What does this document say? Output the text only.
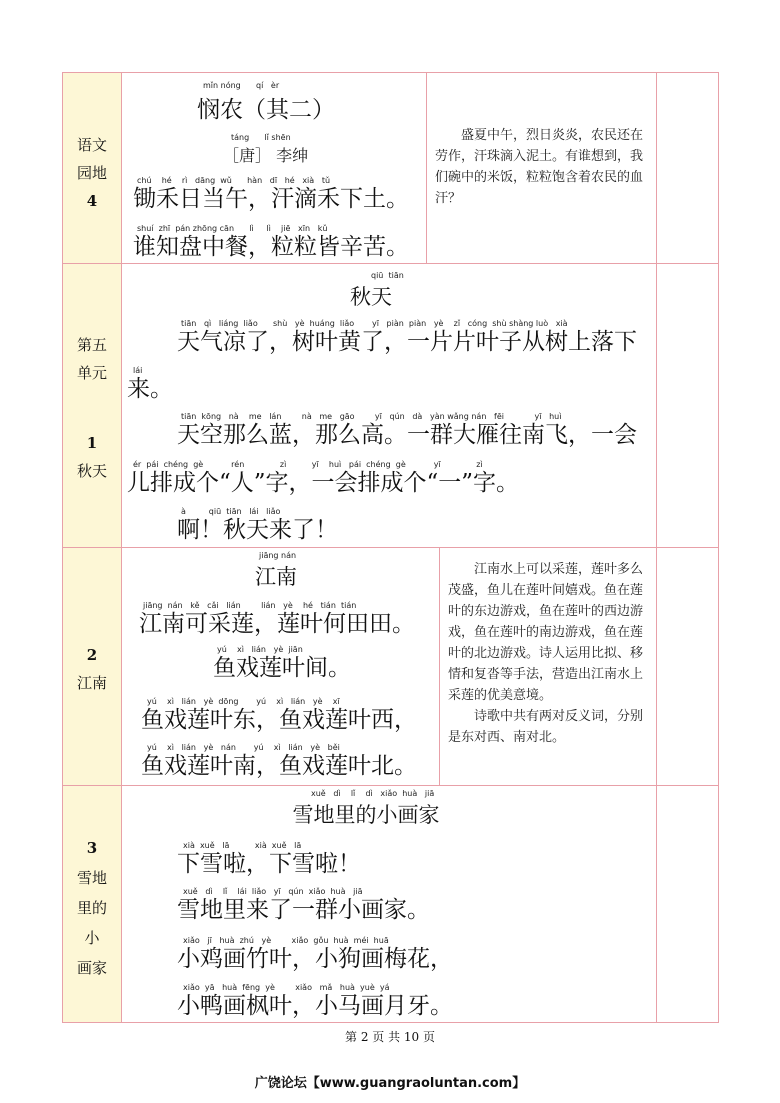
语文
园地
4
mǐn nóng      qí   èr
悯农（其二）
táng      lǐ shēn
［唐］ 李绅
chú    hé    rì   dāng  wǔ      hàn   dī   hé   xià   tǔ
锄禾日当午，汗滴禾下土。
shuí  zhī  pán zhōng cān      lì     lì    jiē   xīn   kǔ
谁知盘中餐，粒粒皆辛苦。
盛夏中午，烈日炎炎，农民还在劳作，汗珠滴入泥土。有谁想到，我们碗中的米饭，粒粒饱含着农民的血汗？
第五
单元
1
秋天
qiū  tiān
秋天
tiān   qì   liáng  liǎo      shù   yè  huáng  liǎo       yī   piàn  piàn   yè    zǐ   cóng  shù shàng luò   xià
天气凉了，树叶黄了，一片片叶子从树上落下
lái
来。
tiān  kōng   nà    me   lán        nà   me   gāo        yī   qún   dà   yàn wǎng nán   fēi            yī   huì
天空那么蓝，那么高。一群大雁往南飞，一会
ér  pái  chéng  gè           rén              zì          yī    huì   pái  chéng  gè           yī              zì
儿排成个“人”字，一会排成个“一”字。
à         qiū  tiān   lái   liǎo
啊！秋天来了！
2
江南
jiāng nán
江南
jiāng  nán   kě   cǎi   lián        lián   yè    hé   tián  tián
江南可采莲，莲叶何田田。
yú    xì   lián   yè  jiān
鱼戏莲叶间。
yú    xì   lián   yè  dōng       yú    xì   lián   yè    xī
鱼戏莲叶东，鱼戏莲叶西，
yú    xì   lián   yè   nán       yú    xì   lián   yè   běi
鱼戏莲叶南，鱼戏莲叶北。
江南水上可以采莲，莲叶多么茂盛，鱼儿在莲叶间嬉戏。鱼在莲叶的东边游戏，鱼在莲叶的西边游戏，鱼在莲叶的南边游戏，鱼在莲叶的北边游戏。诗人运用比拟、移情和复沓等手法，营造出江南水上采莲的优美意境。
诗歌中共有两对反义词，分别是东对西、南对北。
3
雪地
里的
小
画家
xuě   dì    lǐ    dì   xiǎo  huà   jiā
雪地里的小画家
xià  xuě   lā          xià  xuě   lā
下雪啦，下雪啦！
xuě   dì    lǐ    lái  liǎo   yī   qún  xiǎo  huà   jiā
雪地里来了一群小画家。
xiǎo   jī   huà  zhú   yè        xiǎo  gǒu  huà  méi  huā
小鸡画竹叶，小狗画梅花，
xiǎo  yā   huà  fēng  yè        xiǎo   mǎ   huà  yuè  yá
小鸭画枫叶，小马画月牙。
第 2 页 共 10 页
广饶论坛【www.guangraoluntan.com】
